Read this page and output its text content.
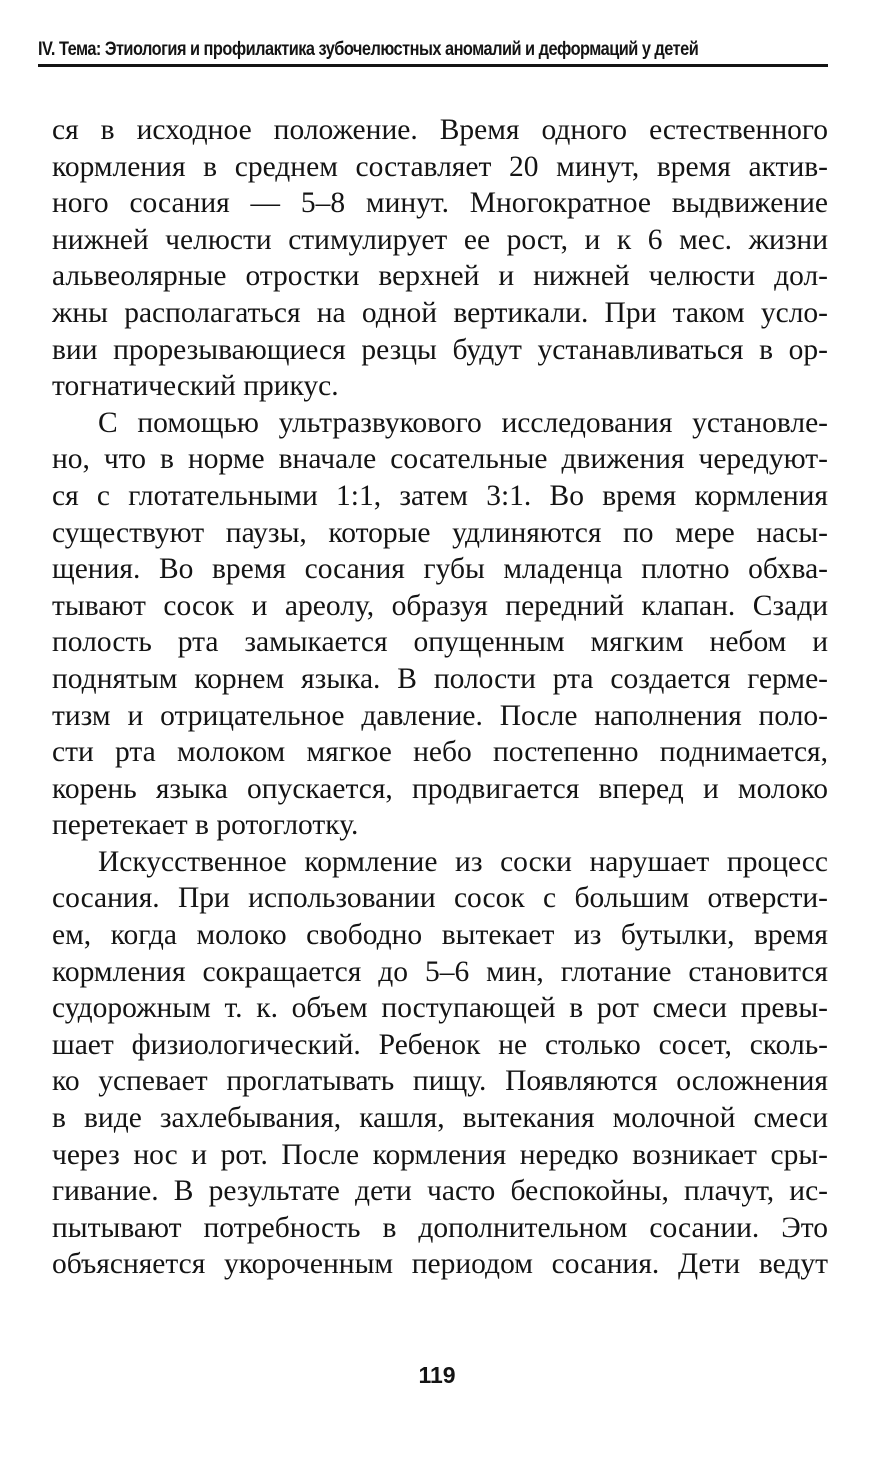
IV. Тема: Этиология и профилактика зубочелюстных аномалий и деформаций у детей
ся в исходное положение. Время одного естественного
кормления в среднем составляет 20 минут, время актив-
ного сосания — 5–8 минут. Многократное выдвижение
нижней челюсти стимулирует ее рост, и к 6 мес. жизни
альвеолярные отростки верхней и нижней челюсти дол-
жны располагаться на одной вертикали. При таком усло-
вии прорезывающиеся резцы будут устанавливаться в ор-
тогнатический прикус.
С помощью ультразвукового исследования установле-
но, что в норме вначале сосательные движения чередуют-
ся с глотательными 1:1, затем 3:1. Во время кормления
существуют паузы, которые удлиняются по мере насы-
щения. Во время сосания губы младенца плотно обхва-
тывают сосок и ареолу, образуя передний клапан. Сзади
полость рта замыкается опущенным мягким небом и
поднятым корнем языка. В полости рта создается герме-
тизм и отрицательное давление. После наполнения поло-
сти рта молоком мягкое небо постепенно поднимается,
корень языка опускается, продвигается вперед и молоко
перетекает в ротоглотку.
Искусственное кормление из соски нарушает процесс
сосания. При использовании сосок с большим отверсти-
ем, когда молоко свободно вытекает из бутылки, время
кормления сокращается до 5–6 мин, глотание становится
судорожным т. к. объем поступающей в рот смеси превы-
шает физиологический. Ребенок не столько сосет, сколь-
ко успевает проглатывать пищу. Появляются осложнения
в виде захлебывания, кашля, вытекания молочной смеси
через нос и рот. После кормления нередко возникает сры-
гивание. В результате дети часто беспокойны, плачут, ис-
пытывают потребность в дополнительном сосании. Это
объясняется укороченным периодом сосания. Дети ведут
119
